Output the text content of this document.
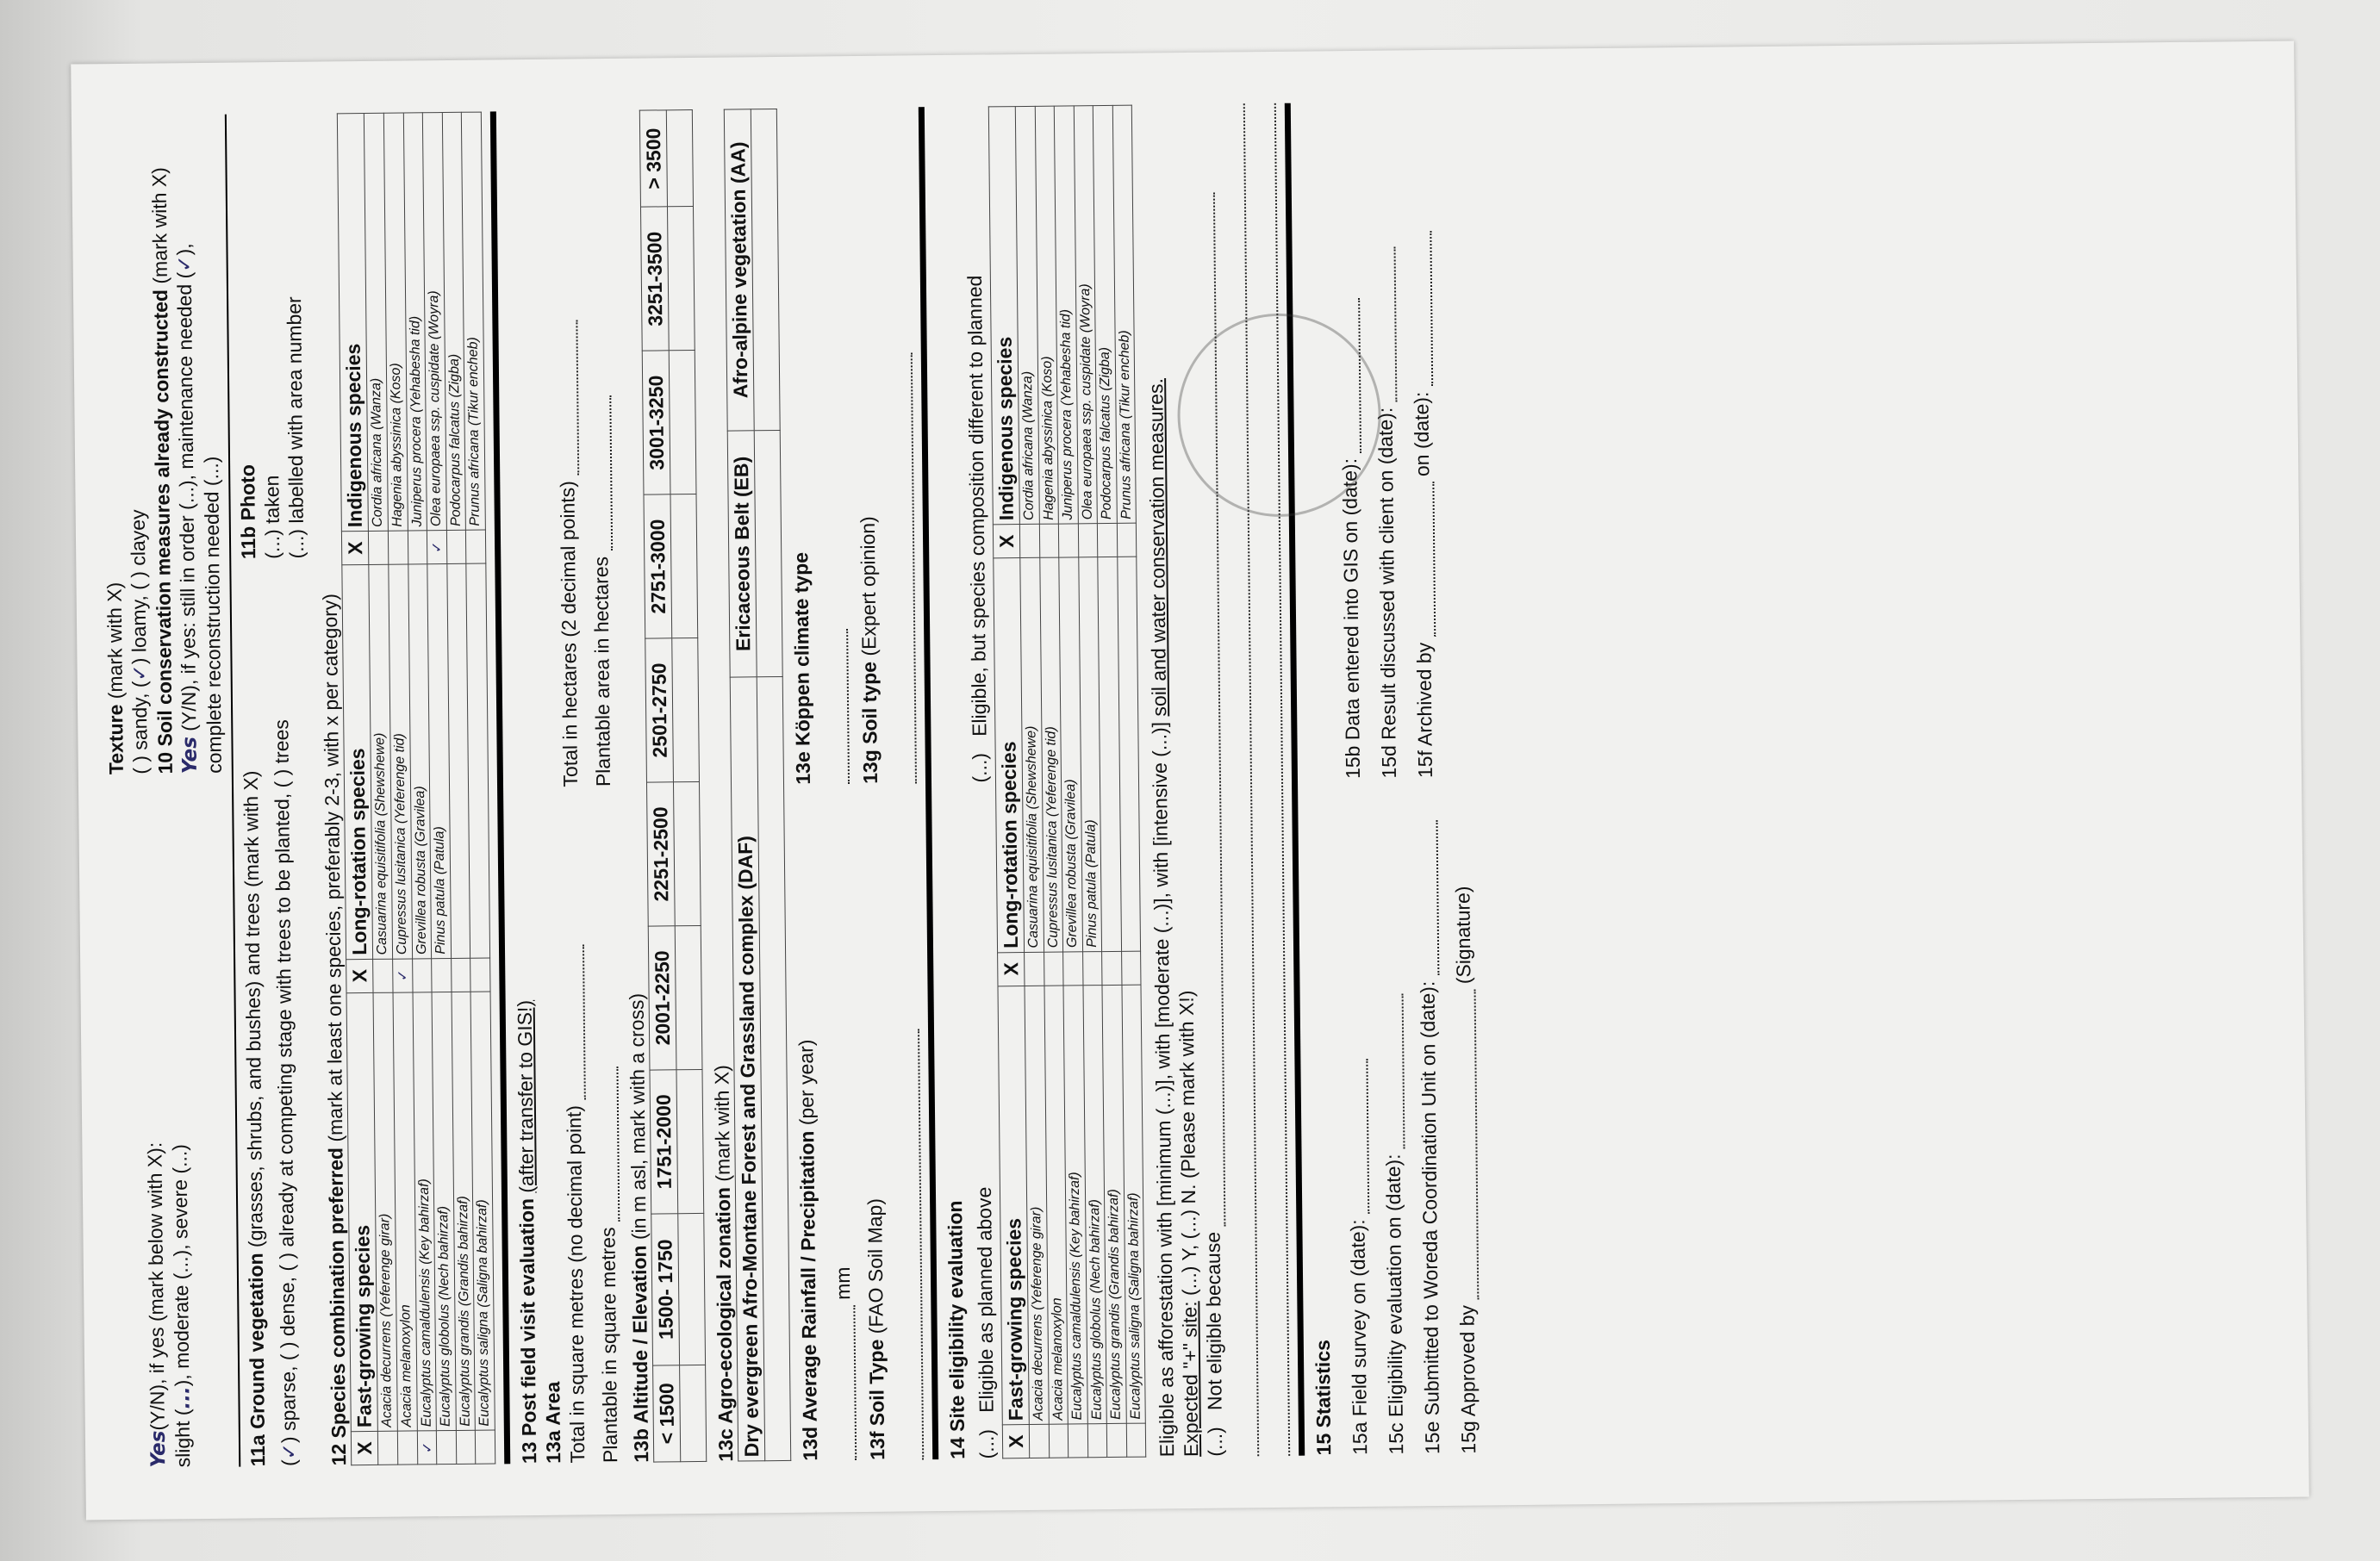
Yes(Y/N), if yes (mark below with X):
slight (...), moderate (...), severe (...)
Texture (mark with X)
( ) sandy, (✓) loamy, ( ) clayey
10 Soil conservation measures already constructed (mark with X)
Yes (Y/N), if yes: still in order (...), maintenance needed (✓),
complete reconstruction needed (...)
11a Ground vegetation (grasses, shrubs, and bushes) and trees (mark with X)
(✓) sparse, ( ) dense, ( ) already at competing stage with trees to be planted, ( ) trees
11b Photo (...) taken
(...) labelled with area number
12 Species combination preferred (mark at least one species, preferably 2-3, with x per category)
X	Fast-growing species	X	Long-rotation species	X	Indigenous species
	Acacia decurrens (Yeferenge girar)		Casuarina equisitifolia (Shewshewe)		Cordia africana (Wanza)
	Acacia melanoxylon	✓	Cupressus lusitanica (Yeferenge tid)		Hagenia abyssinica (Koso)
✓	Eucalyptus camaldulensis (Key bahirzaf)		Grevillea robusta (Gravilea)		Juniperus procera (Yehabesha tid)
	Eucalyptus globolus (Nech bahirzaf)		Pinus patula (Patula)	✓	Olea europaea ssp. cuspidate (Woyra)
	Eucalyptus grandis (Grandis bahirzaf)				Podocarpus falcatus (Zigba)
	Eucalyptus saligna (Saligna bahirzaf)				Prunus africana (Tikur encheb)
13 Post field visit evaluation (after transfer to GIS!)
13a Area
Total in square metres (no decimal point)
Total in hectares (2 decimal points)
Plantable in square metres
Plantable area in hectares
13b Altitude / Elevation (in m asl, mark with a cross)
< 1500	1500- 1750	1751-2000	2001-2250	2251-2500	2501-2750	2751-3000	3001-3250	3251-3500	> 3500

13c Agro-ecological zonation (mark with X) Dry evergreen Afro-Montane Forest and Grassland complex (DAF)	Ericaceous Belt (EB)	Afro-alpine vegetation (AA)

13d Average Rainfall / Precipitation (per year)
13e Köppen climate type
mm
13f Soil Type (FAO Soil Map)
13g Soil type (Expert opinion)
14 Site eligibility evaluation (...)   Eligible as planned above
(...)   Eligible, but species composition different to planned
X	Fast-growing species	X	Long-rotation species	X	Indigenous species
	Acacia decurrens (Yeferenge girar)		Casuarina equisitifolia (Shewshewe)		Cordia africana (Wanza)
	Acacia melanoxylon		Cupressus lusitanica (Yeferenge tid)		Hagenia abyssinica (Koso)
	Eucalyptus camaldulensis (Key bahirzaf)		Grevillea robusta (Gravilea)		Juniperus procera (Yehabesha tid)
	Eucalyptus globolus (Nech bahirzaf)		Pinus patula (Patula)		Olea europaea ssp. cuspidate (Woyra)
	Eucalyptus grandis (Grandis bahirzaf)				Podocarpus falcatus (Zigba)
	Eucalyptus saligna (Saligna bahirzaf)				Prunus africana (Tikur encheb)
Eligible as afforestation with [minimum (...)], with [moderate (...)], with [intensive (...)] soil and water conservation measures.
Expected "+" site: (...) Y, (...) N. (Please mark with X!)
(...)   Not eligible because	15 Statistics 15a Field survey on (date):
15b Data entered into GIS on (date):
15c Eligibility evaluation on (date):
15d Result discussed with client on (date):
15e Submitted to Woreda Coordination Unit on (date):
15f Archived by  on (date):
15g Approved by  (Signature)
